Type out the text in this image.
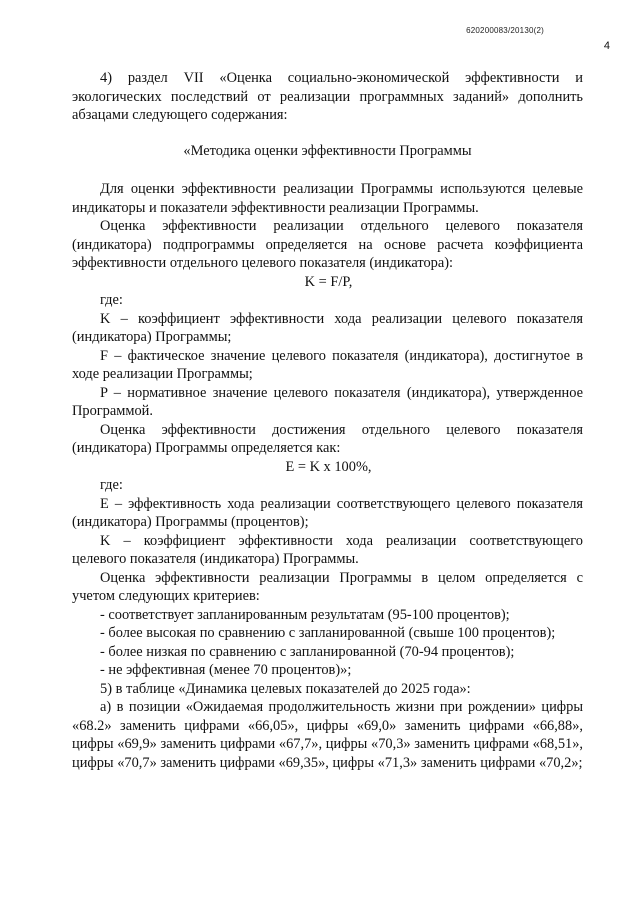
620200083/20130(2)
4

4) раздел VII «Оценка социально-экономической эффективности и экологических последствий от реализации программных заданий» дополнить абзацами следующего содержания:

«Методика оценки эффективности Программы

Для оценки эффективности реализации Программы используются целевые индикаторы и показатели эффективности реализации Программы.

Оценка эффективности реализации отдельного целевого показателя (индикатора) подпрограммы определяется на основе расчета коэффициента эффективности отдельного целевого показателя (индикатора):

K = F/P,

где:

K – коэффициент эффективности хода реализации целевого показателя (индикатора) Программы;

F – фактическое значение целевого показателя (индикатора), достигнутое в ходе реализации Программы;

P – нормативное значение целевого показателя (индикатора), утвержденное Программой.

Оценка эффективности достижения отдельного целевого показателя (индикатора) Программы определяется как:

E = K x 100%,

где:

E – эффективность хода реализации соответствующего целевого показателя (индикатора) Программы (процентов);

K – коэффициент эффективности хода реализации соответствующего целевого показателя (индикатора) Программы.

Оценка эффективности реализации Программы в целом определяется с учетом следующих критериев:

- соответствует запланированным результатам (95-100 процентов);

- более высокая по сравнению с запланированной (свыше 100 процентов);

- более низкая по сравнению с запланированной (70-94 процентов);

- не эффективная (менее 70 процентов)»;

5) в таблице «Динамика целевых показателей до 2025 года»:

а) в позиции «Ожидаемая продолжительность жизни при рождении» цифры «68.2» заменить цифрами «66,05», цифры «69,0» заменить цифрами «66,88», цифры «69,9» заменить цифрами «67,7», цифры «70,3» заменить цифрами «68,51», цифры «70,7» заменить цифрами «69,35», цифры «71,3» заменить цифрами «70,2»;
